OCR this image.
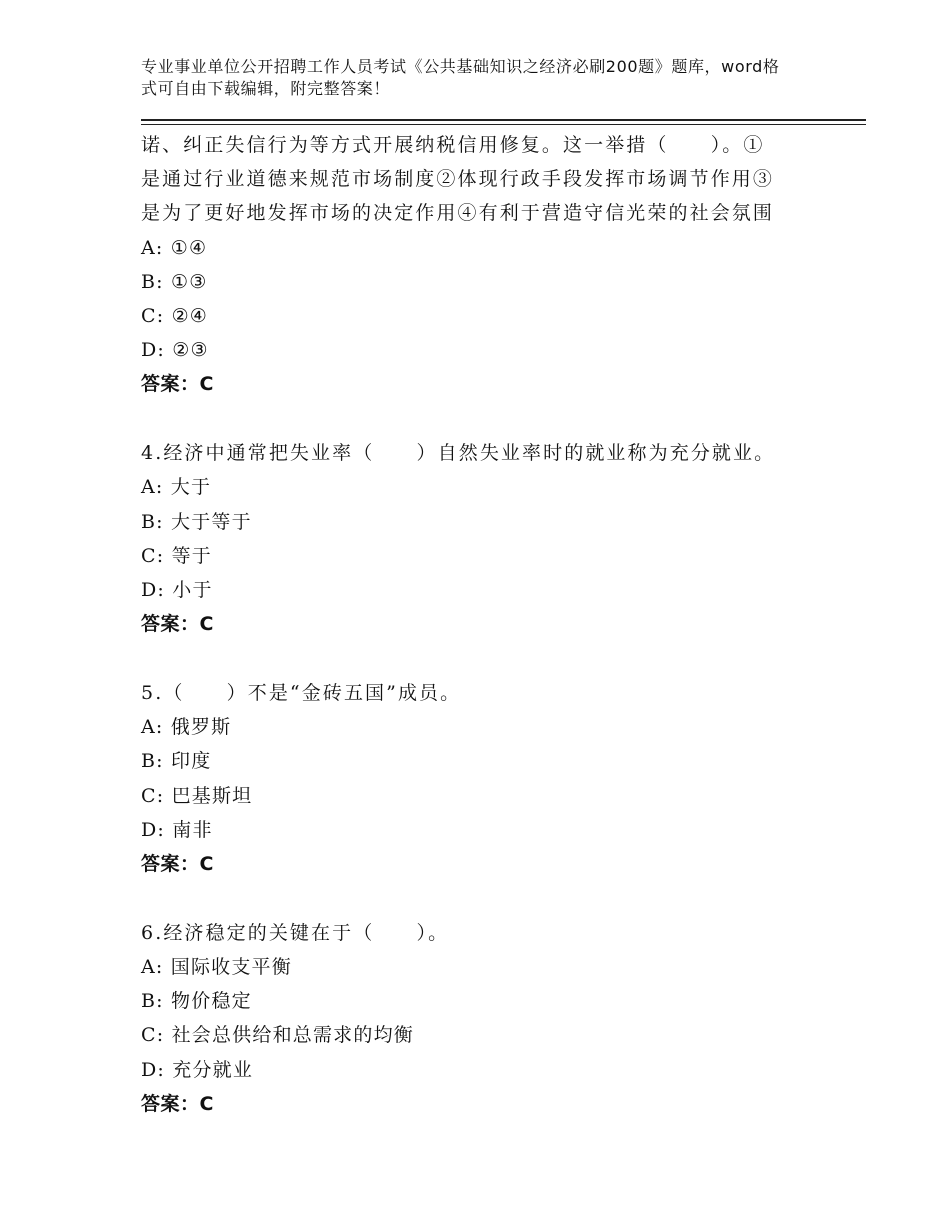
专业事业单位公开招聘工作人员考试《公共基础知识之经济必刷200题》题库，word格式可自由下载编辑，附完整答案！
诺、纠正失信行为等方式开展纳税信用修复。这一举措（　　）。①
是通过行业道德来规范市场制度②体现行政手段发挥市场调节作用③
是为了更好地发挥市场的决定作用④有利于营造守信光荣的社会氛围
A: ①④
B: ①③
C: ②④
D: ②③
答案：C
4.经济中通常把失业率（　　）自然失业率时的就业称为充分就业。
A: 大于
B: 大于等于
C: 等于
D: 小于
答案：C
5.（　　）不是“金砖五国”成员。
A: 俄罗斯
B: 印度
C: 巴基斯坦
D: 南非
答案：C
6.经济稳定的关键在于（　　）。
A: 国际收支平衡
B: 物价稳定
C: 社会总供给和总需求的均衡
D: 充分就业
答案：C
